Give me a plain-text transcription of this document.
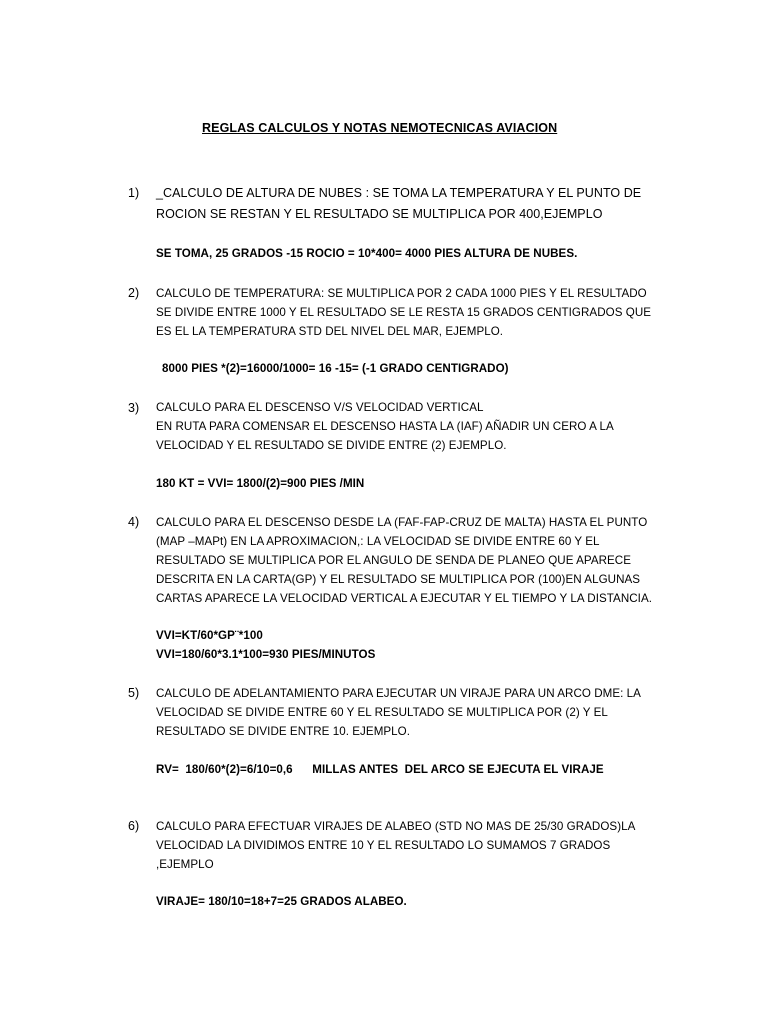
REGLAS CALCULOS Y NOTAS NEMOTECNICAS AVIACION
1) _CALCULO DE ALTURA DE NUBES : SE TOMA LA TEMPERATURA Y EL PUNTO DE
ROCION SE RESTAN Y EL RESULTADO SE MULTIPLICA POR 400,EJEMPLO
SE TOMA, 25 GRADOS -15 ROCIO = 10*400= 4000 PIES ALTURA DE NUBES.
2) CALCULO DE TEMPERATURA: SE MULTIPLICA POR 2 CADA 1000 PIES Y EL RESULTADO
SE DIVIDE ENTRE 1000 Y EL RESULTADO SE LE RESTA 15 GRADOS CENTIGRADOS QUE
ES EL LA TEMPERATURA STD DEL NIVEL DEL MAR, EJEMPLO.
8000 PIES *(2)=16000/1000= 16 -15= (-1 GRADO CENTIGRADO)
3) CALCULO PARA EL DESCENSO V/S VELOCIDAD VERTICAL
EN RUTA PARA COMENSAR EL DESCENSO HASTA LA (IAF) AÑADIR UN CERO A LA
VELOCIDAD Y EL RESULTADO SE DIVIDE ENTRE (2) EJEMPLO.
180 KT = VVI= 1800/(2)=900 PIES /MIN
4) CALCULO PARA EL DESCENSO DESDE LA (FAF-FAP-CRUZ DE MALTA) HASTA EL PUNTO
(MAP –MAPt) EN LA APROXIMACION,: LA VELOCIDAD SE DIVIDE ENTRE 60 Y EL
RESULTADO SE MULTIPLICA POR EL ANGULO DE SENDA DE PLANEO QUE APARECE
DESCRITA EN LA CARTA(GP) Y EL RESULTADO SE MULTIPLICA POR (100)EN ALGUNAS
CARTAS APARECE LA VELOCIDAD VERTICAL A EJECUTAR Y EL TIEMPO Y LA DISTANCIA.
VVI=KT/60*GP¨*100
VVI=180/60*3.1*100=930 PIES/MINUTOS
5) CALCULO DE ADELANTAMIENTO PARA EJECUTAR UN VIRAJE PARA UN ARCO DME: LA
VELOCIDAD SE DIVIDE ENTRE 60 Y EL RESULTADO SE MULTIPLICA POR (2) Y EL
RESULTADO SE DIVIDE ENTRE 10. EJEMPLO.
RV=  180/60*(2)=6/10=0,6      MILLAS ANTES  DEL ARCO SE EJECUTA EL VIRAJE
6) CALCULO PARA EFECTUAR VIRAJES DE ALABEO (STD NO MAS DE 25/30 GRADOS)LA
VELOCIDAD LA DIVIDIMOS ENTRE 10 Y EL RESULTADO LO SUMAMOS 7 GRADOS
,EJEMPLO
VIRAJE= 180/10=18+7=25 GRADOS ALABEO.
